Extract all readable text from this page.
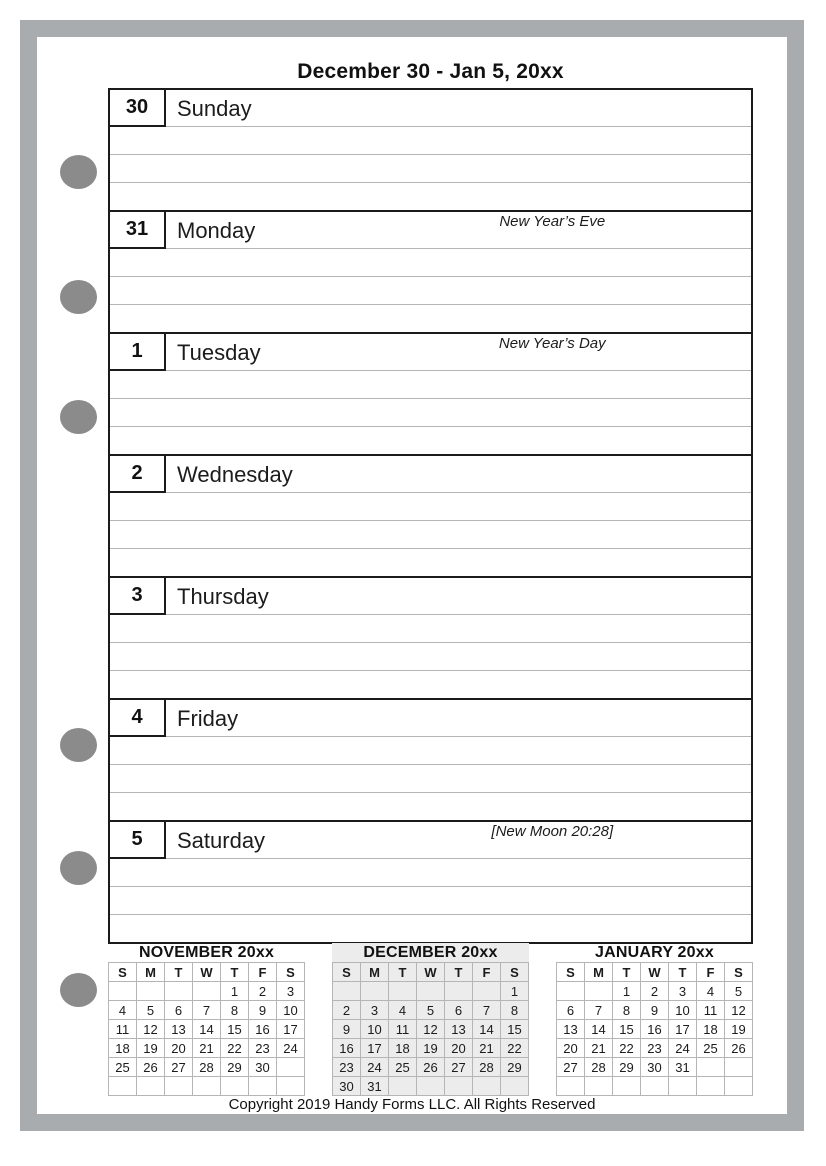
December 30 - Jan 5, 20xx
30 Sunday
31 Monday	New Year’s Eve
1 Tuesday	New Year’s Day
2 Wednesday
3 Thursday
4 Friday
5 Saturday	[New Moon 20:28]
NOVEMBER 20xx
S	M	T	W	T	F	S
				1	2	3
4	5	6	7	8	9	10
11	12	13	14	15	16	17
18	19	20	21	22	23	24
25	26	27	28	29	30	

DECEMBER 20xx
S	M	T	W	T	F	S
						1
2	3	4	5	6	7	8
9	10	11	12	13	14	15
16	17	18	19	20	21	22
23	24	25	26	27	28	29
30	31					
JANUARY 20xx
S	M	T	W	T	F	S
		1	2	3	4	5
6	7	8	9	10	11	12
13	14	15	16	17	18	19
20	21	22	23	24	25	26
27	28	29	30	31		

Copyright 2019 Handy Forms LLC. All Rights Reserved
